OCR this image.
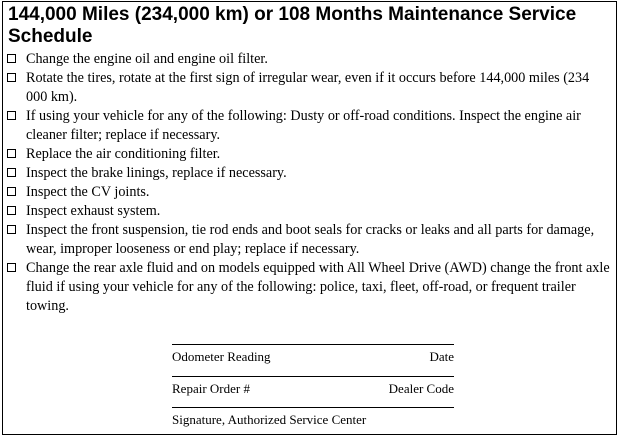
144,000 Miles (234,000 km) or 108 Months Maintenance Service Schedule
Change the engine oil and engine oil filter.
Rotate the tires, rotate at the first sign of irregular wear, even if it occurs before 144,000 miles (234 000 km).
If using your vehicle for any of the following: Dusty or off-road conditions. Inspect the engine air cleaner filter; replace if necessary.
Replace the air conditioning filter.
Inspect the brake linings, replace if necessary.
Inspect the CV joints.
Inspect exhaust system.
Inspect the front suspension, tie rod ends and boot seals for cracks or leaks and all parts for damage, wear, improper looseness or end play; replace if necessary.
Change the rear axle fluid and on models equipped with All Wheel Drive (AWD) change the front axle fluid if using your vehicle for any of the following: police, taxi, fleet, off-road, or frequent trailer towing.
Odometer Reading	Date
Repair Order #	Dealer Code
Signature, Authorized Service Center
